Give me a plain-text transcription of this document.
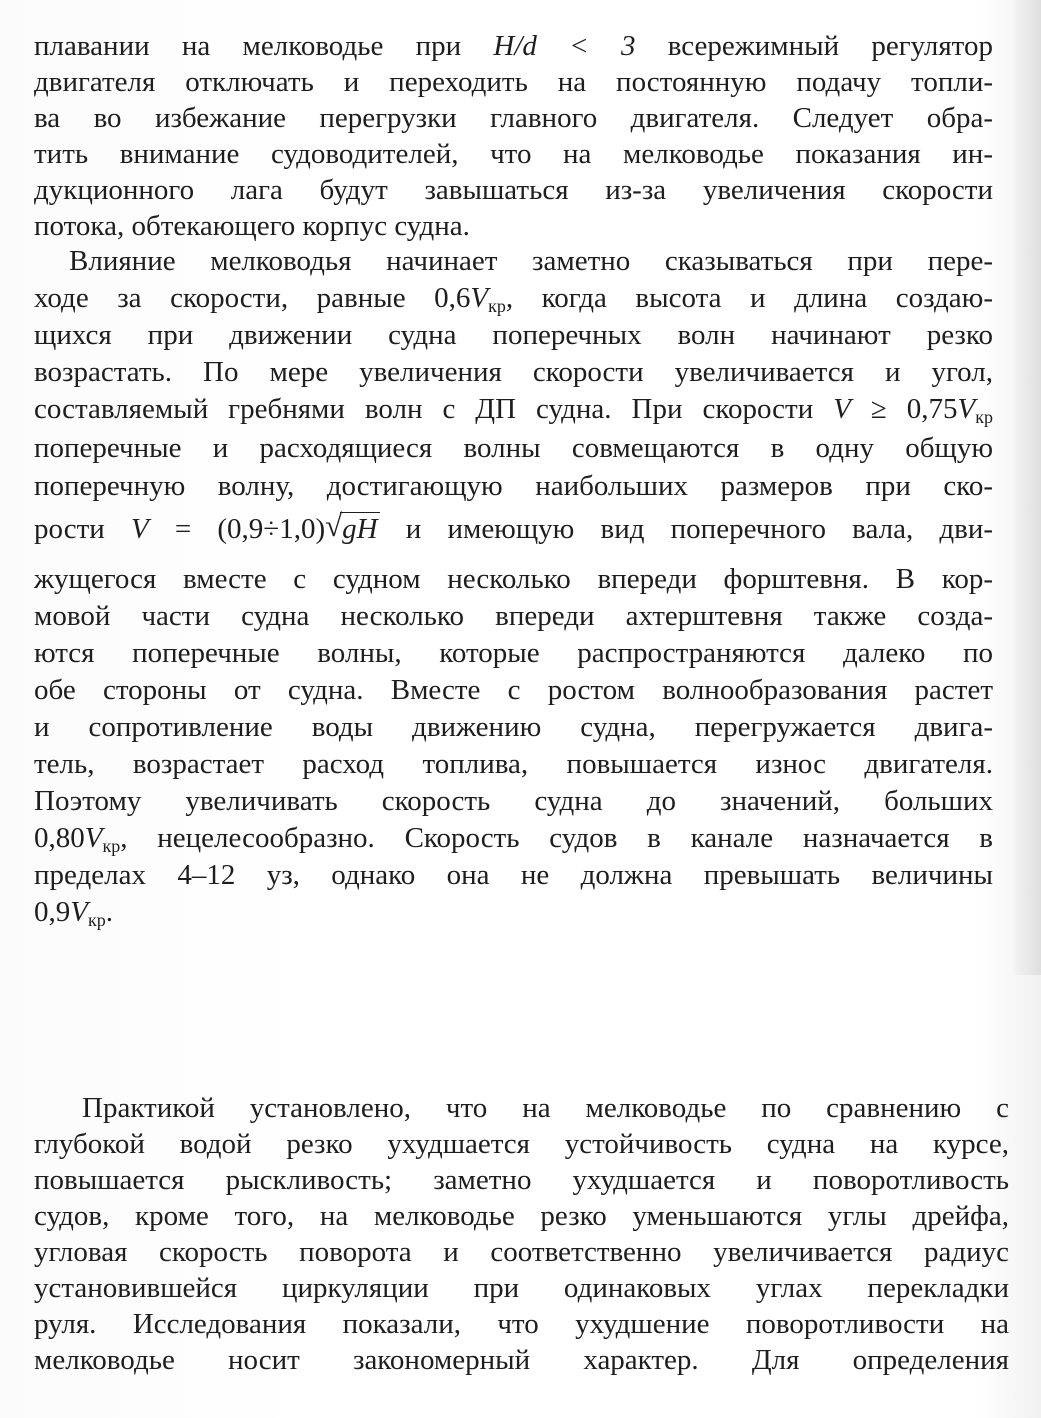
плавании на мелководье при H/d < 3 всережимный регулятор
двигателя отключать и переходить на постоянную подачу топли-
ва во избежание перегрузки главного двигателя. Следует обра-
тить внимание судоводителей, что на мелководье показания ин-
дукционного лага будут завышаться из-за увеличения скорости
потока, обтекающего корпус судна.
Влияние мелководья начинает заметно сказываться при пере-
ходе за скорости, равные $0,6V_{кр}$, когда высота и длина создаю-
щихся при движении судна поперечных волн начинают резко
возрастать. По мере увеличения скорости увеличивается и угол,
составляемый гребнями волн с ДП судна. При скорости $V \ge 0,75V_{кр}$
поперечные и расходящиеся волны совмещаются в одну общую
поперечную волну, достигающую наибольших размеров при ско-
рости V = (0,9÷1,0) √ gH и имеющую вид поперечного вала, дви-
жущегося вместе с судном несколько впереди форштевня. В кор-
мовой части судна несколько впереди ахтерштевня также созда-
ются поперечные волны, которые распространяются далеко по
обе стороны от судна. Вместе с ростом волнообразования растет
и сопротивление воды движению судна, перегружается двига-
тель, возрастает расход топлива, повышается износ двигателя.
Поэтому увеличивать скорость судна до значений, больших
$0,80V_{кр}$, нецелесообразно. Скорость судов в канале назначается в
пределах 4–12 уз, однако она не должна превышать величины
$0,9V_{кр}$.
Практикой установлено, что на мелководье по сравнению с
глубокой водой резко ухудшается устойчивость судна на курсе,
повышается рыскливость; заметно ухудшается и поворотливость
судов, кроме того, на мелководье резко уменьшаются углы дрейфа,
угловая скорость поворота и соответственно увеличивается радиус
установившейся циркуляции при одинаковых углах перекладки
руля. Исследования показали, что ухудшение поворотливости на
мелководье носит закономерный характер. Для определения
